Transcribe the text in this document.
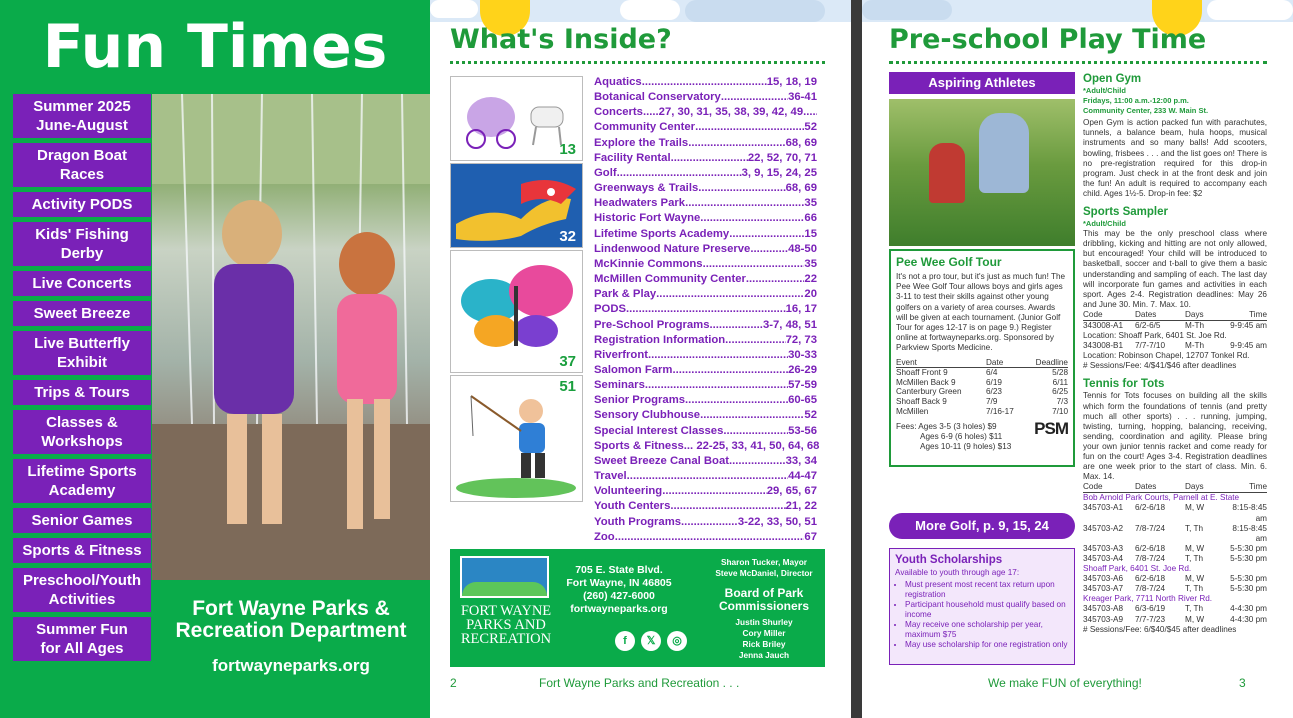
Fun Times
Summer 2025
June-August
Dragon Boat
Races
Activity PODS
Kids' Fishing
Derby
Live Concerts
Sweet Breeze
Live Butterfly
Exhibit
Trips & Tours
Classes &
Workshops
Lifetime Sports
Academy
Senior Games
Sports & Fitness
Preschool/Youth
Activities
Summer Fun
for All Ages
Fort Wayne Parks &
Recreation Department
fortwayneparks.org
What's Inside?
13
32
37
51
Aquatics .....	15, 18, 19
Botanical Conservatory .....	36-41
Concerts.....27, 30, 31, 35, 38, 39, 42, 49
.....
Community Center .....	52
Explore the Trails .....	68, 69
Facility Rental .....	22, 52, 70, 71
Golf .....	3, 9, 15, 24, 25
Greenways & Trails .....	68, 69
Headwaters Park .....	35
Historic Fort Wayne .....	66
Lifetime Sports Academy .....	15
Lindenwood Nature Preserve .....	48-50
McKinnie Commons .....	35
McMillen Community Center .....	22
Park & Play .....	20
PODS .....	16, 17
Pre-School Programs .....	3-7, 48, 51
Registration Information .....	72, 73
Riverfront .....	30-33
Salomon Farm .....	26-29
Seminars .....	57-59
Senior Programs .....	60-65
Sensory Clubhouse .....	52
Special Interest Classes .....	53-56
Sports & Fitness... 22-25, 33, 41, 50, 64, 68
Sweet Breeze Canal Boat .....	33, 34
Travel .....	44-47
Volunteering .....	29, 65, 67
Youth Centers .....	21, 22
Youth Programs .....	3-22, 33, 50, 51
Zoo .....	67
FORT WAYNE
PARKS AND
RECREATION
705 E. State Blvd.
Fort Wayne, IN 46805
(260) 427-6000
fortwayneparks.org
f	𝕏	◎
Sharon Tucker, Mayor
Steve McDaniel, Director
Board of Park
Commissioners
Justin Shurley
Cory Miller
Rick Briley
Jenna Jauch
2	Fort Wayne Parks and Recreation . . .
Pre-school Play Time
Aspiring Athletes
Pee Wee Golf Tour
It's not a pro tour, but it's just as much fun! The Pee Wee Golf Tour allows boys and girls ages 3-11 to test their skills against other young golfers on a variety of area courses. Awards will be given at each tournament. (Junior Golf Tour for ages 12-17 is on page 9.) Register online at fortwayneparks.org. Sponsored by Parkview Sports Medicine.
Event	Date	Deadline
Shoaff Front 9	6/4	5/28
McMillen Back 9	6/19	6/11
Canterbury Green	6/23	6/25
Shoaff Back 9	7/9	7/3
McMillen	7/16-17	7/10
Fees: Ages 3-5 (3 holes) $9
Ages 6-9 (6 holes) $11
Ages 10-11 (9 holes) $13
PSM
More Golf, p. 9, 15, 24
Youth Scholarships
Available to youth through age 17:
• Must present most recent tax return upon registration
• Participant household must qualify based on income
• May receive one scholarship per year, maximum $75
• May use scholarship for one registration only
Open Gym
*Adult/Child
Fridays, 11:00 a.m.-12:00 p.m.
Community Center, 233 W. Main St.
Open Gym is action packed fun with parachutes, tunnels, a balance beam, hula hoops, musical instruments and so many balls! Add scooters, bowling, frisbees . . . and the list goes on! There is no pre-registration required for this drop-in program. Just check in at the front desk and join the fun! An adult is required to accompany each child. Ages 1½-5. Drop-in fee: $2
Sports Sampler
*Adult/Child
This may be the only preschool class where dribbling, kicking and hitting are not only allowed, but encouraged! Your child will be introduced to basketball, soccer and t-ball to give them a basic understanding and sampling of each. The last day will incorporate fun games and activities in each sport. Ages 2-4. Registration deadlines: May 26 and June 30. Min. 7. Max. 10.
Code	Dates	Days	Time
343008-A1	6/2-6/5	M-Th	9-9:45 am
Location: Shoaff Park, 6401 St. Joe Rd.
343008-B1	7/7-7/10	M-Th	9-9:45 am
Location: Robinson Chapel, 12707 Tonkel Rd.
# Sessions/Fee: 4/$41/$46 after deadlines
Tennis for Tots
Tennis for Tots focuses on building all the skills which form the foundations of tennis (and pretty much all other sports) . . . running, jumping, twisting, turning, hopping, balancing, receiving, sending, coordination and agility. Please bring your own junior tennis racket and come ready for fun on the court! Ages 3-4. Registration deadlines are one week prior to the start of class. Min. 6. Max. 14.
Code	Dates	Days	Time
Bob Arnold Park Courts, Parnell at E. State
345703-A1	6/2-6/18	M, W	8:15-8:45 am
345703-A2	7/8-7/24	T, Th	8:15-8:45 am
345703-A3	6/2-6/18	M, W	5-5:30 pm
345703-A4	7/8-7/24	T, Th	5-5:30 pm
Shoaff Park, 6401 St. Joe Rd.
345703-A6	6/2-6/18	M, W	5-5:30 pm
345703-A7	7/8-7/24	T, Th	5-5:30 pm
Kreager Park, 7711 North River Rd.
345703-A8	6/3-6/19	T, Th	4-4:30 pm
345703-A9	7/7-7/23	M, W	4-4:30 pm
# Sessions/Fee: 6/$40/$45 after deadlines
We make FUN of everything!	3
